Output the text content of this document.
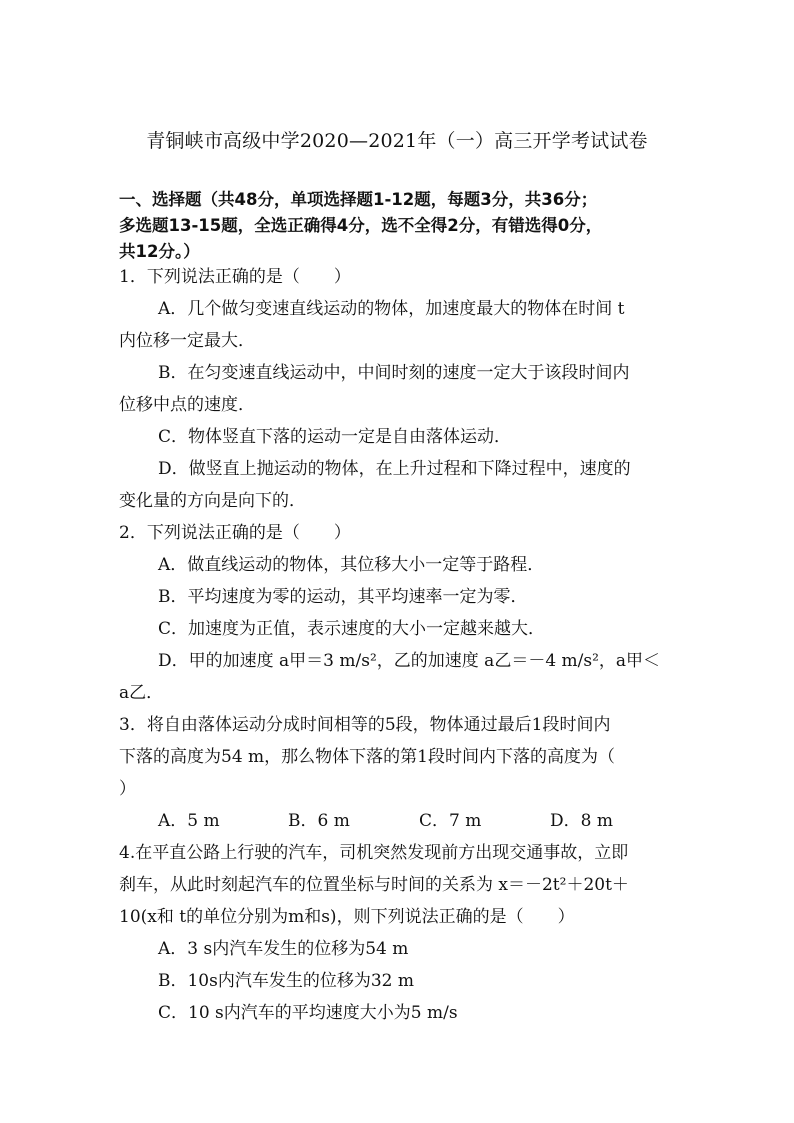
青铜峡市高级中学2020—2021年（一）高三开学考试试卷
一、选择题（共48分，单项选择题1-12题，每题3分，共36分；
多选题13-15题，全选正确得4分，选不全得2分，有错选得0分，
共12分。）
1．下列说法正确的是（　　）
A．几个做匀变速直线运动的物体，加速度最大的物体在时间 t
内位移一定最大．
B．在匀变速直线运动中，中间时刻的速度一定大于该段时间内
位移中点的速度．
C．物体竖直下落的运动一定是自由落体运动．
D．做竖直上抛运动的物体，在上升过程和下降过程中，速度的
变化量的方向是向下的．
2．下列说法正确的是（　　）
A．做直线运动的物体，其位移大小一定等于路程．
B．平均速度为零的运动，其平均速率一定为零．
C．加速度为正值，表示速度的大小一定越来越大．
D．甲的加速度 a甲＝3 m/s²，乙的加速度 a乙＝－4 m/s²，a甲＜
a乙．
3．将自由落体运动分成时间相等的5段，物体通过最后1段时间内
下落的高度为54 m，那么物体下落的第1段时间内下落的高度为（
）
A．5 m	B．6 m	C．7 m	D．8 m
4.在平直公路上行驶的汽车，司机突然发现前方出现交通事故，立即
刹车，从此时刻起汽车的位置坐标与时间的关系为 x＝－2t²＋20t＋
10(x和 t的单位分别为m和s)，则下列说法正确的是（　　）
A．3 s内汽车发生的位移为54 m
B．10s内汽车发生的位移为32 m
C．10 s内汽车的平均速度大小为5 m/s
